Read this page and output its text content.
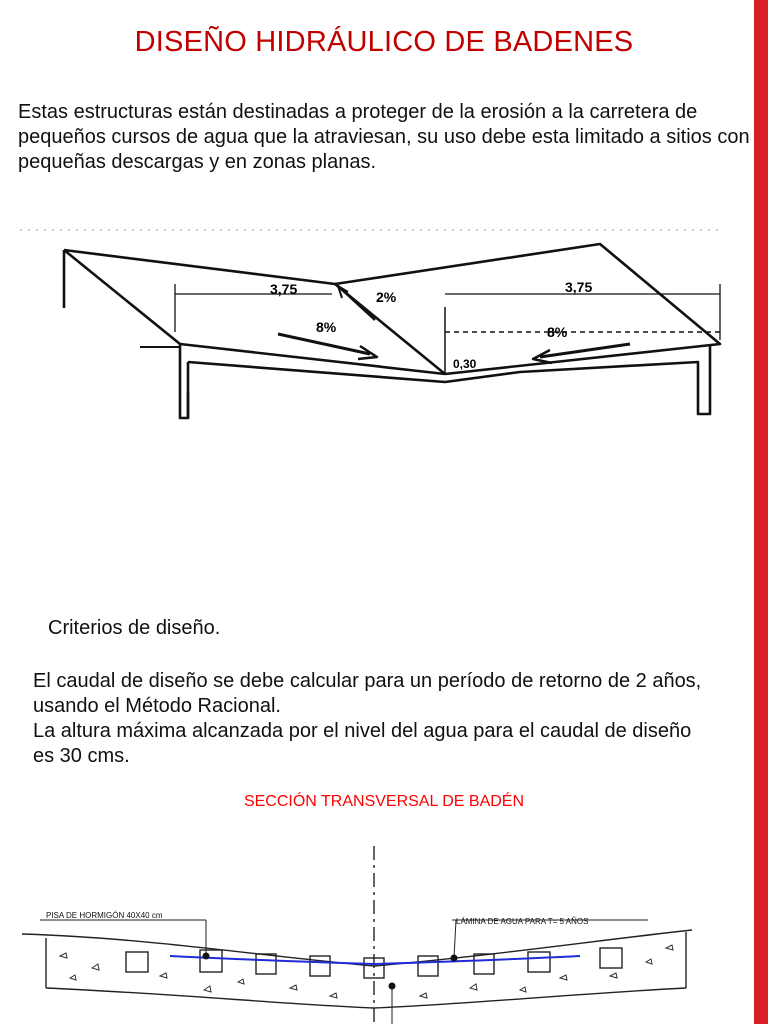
DISEÑO HIDRÁULICO DE BADENES
Estas estructuras están destinadas a proteger de la erosión a la carretera de
pequeños cursos de agua que la atraviesan, su uso debe esta limitado a sitios con
pequeñas descargas y en zonas planas.
3,75	3,75
8%	8%
2%
0,30
Criterios de diseño.
El caudal de diseño se debe calcular para un período de retorno de 2 años,
usando el Método Racional.
La altura máxima alcanzada por el nivel del agua para el caudal de diseño
es 30 cms.
SECCIÓN TRANSVERSAL DE BADÉN
PISA DE HORMIGÓN 40X40 cm
LÁMINA DE AGUA PARA T= 5 AÑOS
